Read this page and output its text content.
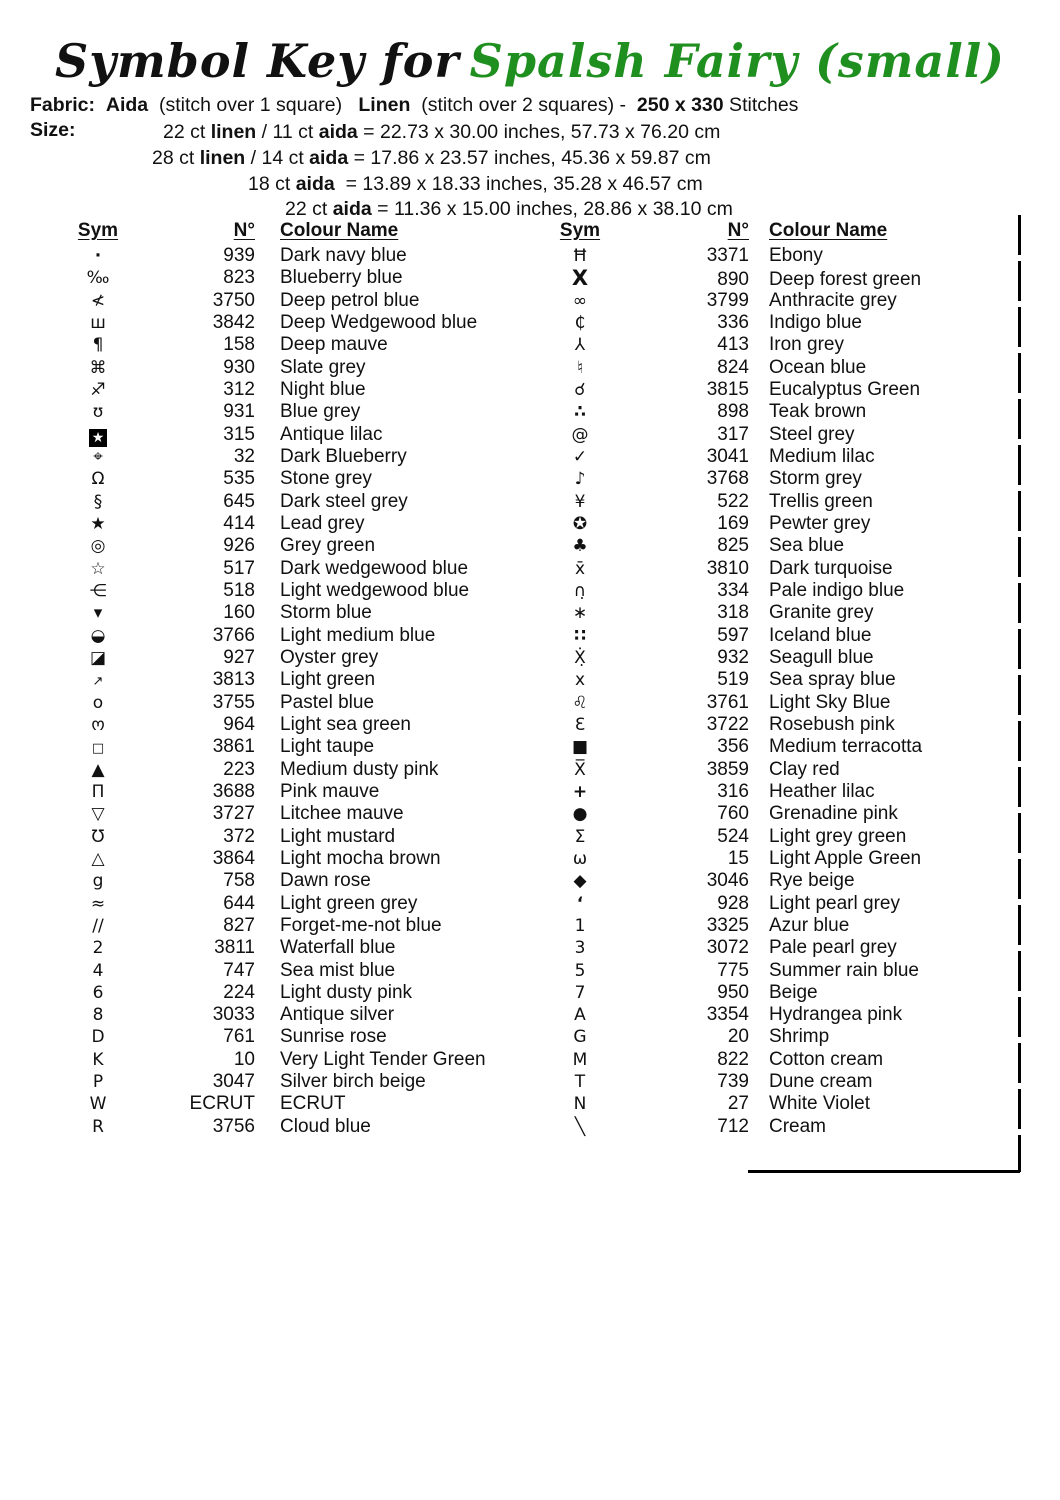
Symbol Key for Spalsh Fairy (small)
Fabric: Aida  (stitch over 1 square)   Linen  (stitch over 2 squares) -  250 x 330 Stitches
Size:	22 ct linen / 11 ct aida = 22.73 x 30.00 inches, 57.73 x 76.20 cm
28 ct linen / 14 ct aida = 17.86 x 23.57 inches, 45.36 x 59.87 cm
18 ct aida  = 13.89 x 18.33 inches, 35.28 x 46.57 cm
22 ct aida = 11.36 x 15.00 inches, 28.86 x 38.10 cm
Sym	N°	Colour Name
·	939	Dark navy blue
‰	823	Blueberry blue
≮	3750	Deep petrol blue
ш	3842	Deep Wedgewood blue
¶	158	Deep mauve
⌘	930	Slate grey
♐	312	Night blue
ʊ	931	Blue grey
★	315	Antique lilac
⌖	32	Dark Blueberry
Ω	535	Stone grey
§	645	Dark steel grey
★	414	Lead grey
◎	926	Grey green
☆	517	Dark wedgewood blue
⋲	518	Light wedgewood blue
▾	160	Storm blue
◒	3766	Light medium blue
◪	927	Oyster grey
↗	3813	Light green
o	3755	Pastel blue
ო	964	Light sea green
□	3861	Light taupe
▲	223	Medium dusty pink
Π	3688	Pink mauve
▽	3727	Litchee mauve
Ʊ	372	Light mustard
△	3864	Light mocha brown
g	758	Dawn rose
≈	644	Light green grey
∕∕	827	Forget-me-not blue
2	3811	Waterfall blue
4	747	Sea mist blue
6	224	Light dusty pink
8	3033	Antique silver
D	761	Sunrise rose
K	10	Very Light Tender Green
P	3047	Silver birch beige
W	ECRUT	ECRUT
R	3756	Cloud blue
Sym	N°	Colour Name
Ħ	3371	Ebony
X	890	Deep forest green
∞	3799	Anthracite grey
₵	336	Indigo blue
⅄	413	Iron grey
♮	824	Ocean blue
☌	3815	Eucalyptus Green
∴	898	Teak brown
@	317	Steel grey
✓	3041	Medium lilac
♪	3768	Storm grey
¥	522	Trellis green
✪	169	Pewter grey
♣	825	Sea blue
x̄	3810	Dark turquoise
∩̣	334	Pale indigo blue
∗	318	Granite grey
∷	597	Iceland blue
Ẋ̣	932	Seagull blue
x	519	Sea spray blue
♌	3761	Light Sky Blue
Ɛ	3722	Rosebush pink
■	356	Medium terracotta
X̅	3859	Clay red
+	316	Heather lilac
●	760	Grenadine pink
Σ	524	Light grey green
ω	15	Light Apple Green
◆	3046	Rye beige
‘	928	Light pearl grey
1	3325	Azur blue
3	3072	Pale pearl grey
5	775	Summer rain blue
7	950	Beige
A	3354	Hydrangea pink
G	20	Shrimp
M	822	Cotton cream
T	739	Dune cream
N	27	White Violet
╲	712	Cream
